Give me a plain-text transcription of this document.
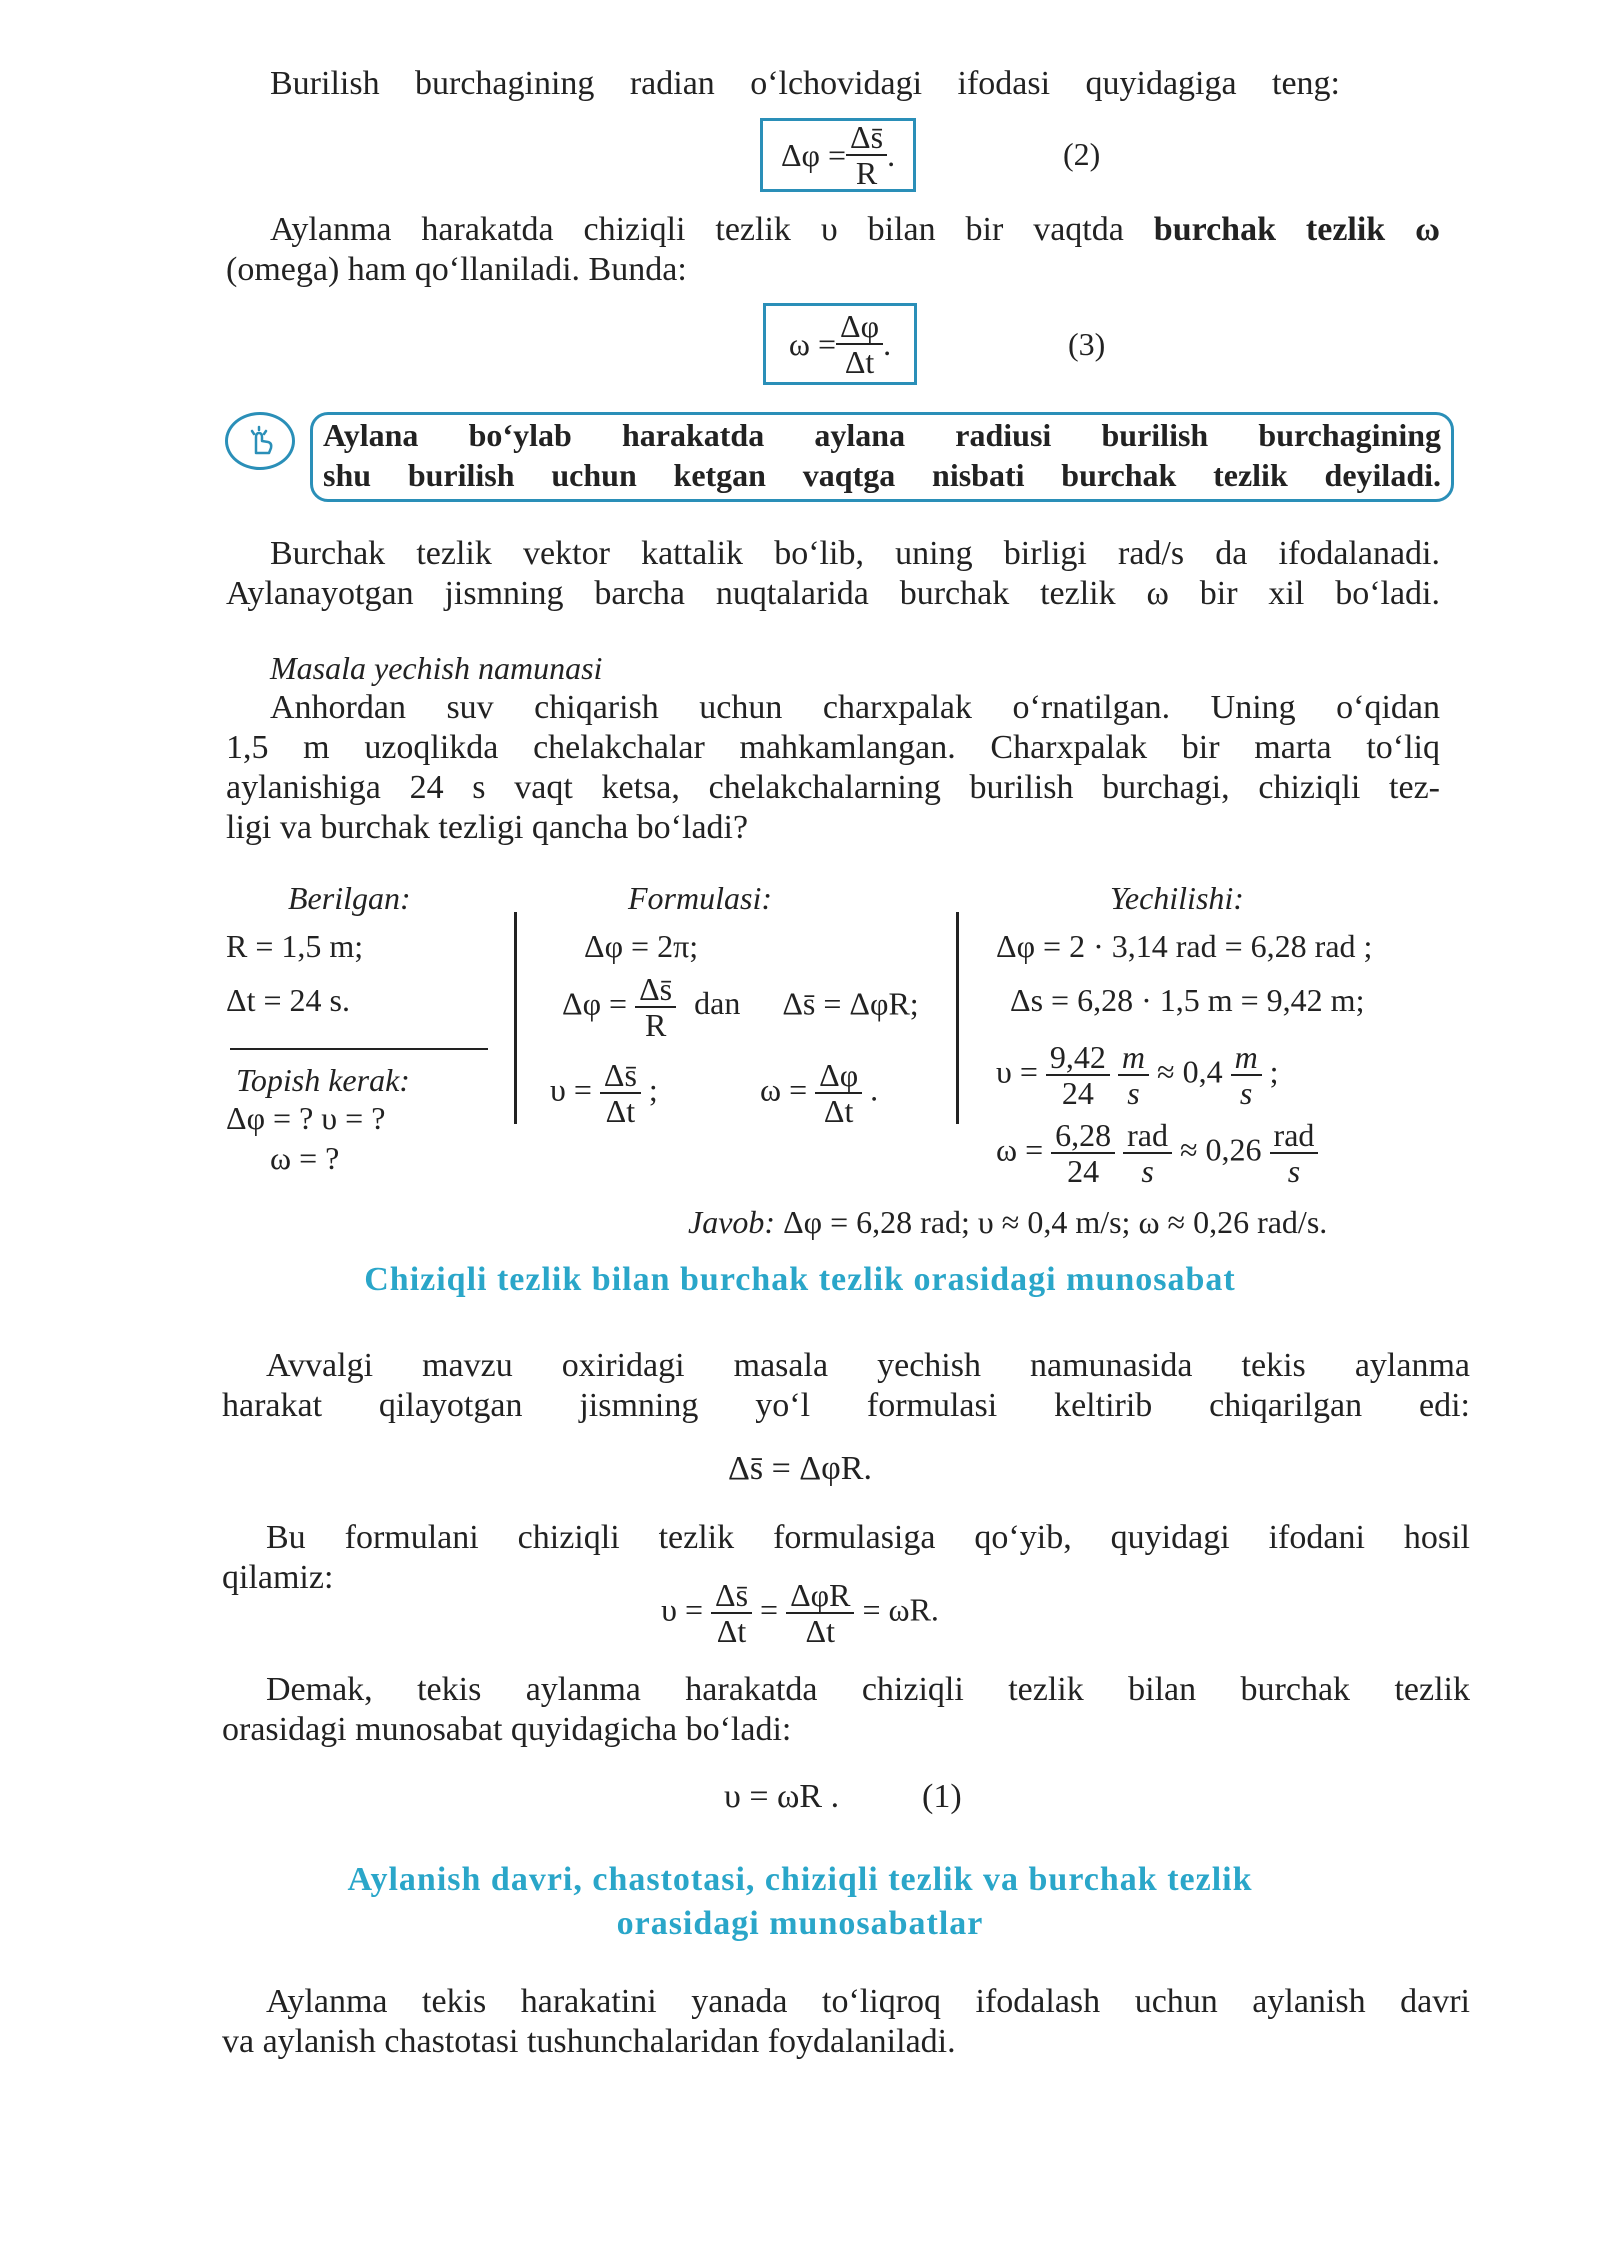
Burilish burchagining radian o‘lchovidagi ifodasi quyidagiga teng:
$\Delta\varphi = \frac{\Delta s̄}{R}$ .	(2)
Aylanma harakatda chiziqli tezlik υ bilan bir vaqtda burchak tezlik ω
(omega) ham qo‘llaniladi. Bunda:
$\omega = \frac{\Delta\varphi}{\Delta t}$ .	(3)
Aylana bo‘ylab harakatda aylana radiusi burilish burchagining
shu burilish uchun ketgan vaqtga nisbati burchak tezlik deyiladi.
Burchak tezlik vektor kattalik bo‘lib, uning birligi rad/s da ifodalanadi.
Aylanayotgan jismning barcha nuqtalarida burchak tezlik ω bir xil bo‘ladi.
Masala yechish namunasi
Anhordan suv chiqarish uchun charxpalak o‘rnatilgan. Uning o‘qidan
1,5 m uzoqlikda chelakchalar mahkamlangan. Charxpalak bir marta to‘liq
aylanishiga 24 s vaqt ketsa, chelakchalarning burilish burchagi, chiziqli tez-
ligi va burchak tezligi qancha bo‘ladi?
Berilgan:
R = 1,5 m;
Δt = 24 s.
Topish kerak:
Δφ = ? υ = ?
ω = ?
Formulasi:
Δφ = 2π;
$\Delta\varphi = \frac{\Delta s̄}{R}$ dan Δs̄ = ΔφR;
$\upsilon = \frac{\Delta s̄}{\Delta t}$ ;	$\omega = \frac{\Delta\varphi}{\Delta t}$ .
Yechilishi:
Δφ = 2 · 3,14 rad = 6,28 rad ;
Δs = 6,28 · 1,5 m = 9,42 m;
$\upsilon = \frac{9,42}{24}$
$\frac{m}{s} \approx 0,4 \frac{m}{s}$ ;
$\omega = \frac{6,28}{24}$
rad
s
≈ 0,26 rad
s
Javob: Δφ = 6,28 rad; υ ≈ 0,4 m/s; ω ≈ 0,26 rad/s.
Chiziqli tezlik bilan burchak tezlik orasidagi munosabat
Avvalgi mavzu oxiridagi masala yechish namunasida tekis aylanma
harakat qilayotgan jismning yo‘l formulasi keltirib chiqarilgan edi:
Δs̄ = ΔφR.
Bu formulani chiziqli tezlik formulasiga qo‘yib, quyidagi ifodani hosil
qilamiz:
$\upsilon = \frac{\Delta s̄}{\Delta t} = \Delta\varphi R$
Δt
= ωR.
Demak, tekis aylanma harakatda chiziqli tezlik bilan burchak tezlik
orasidagi munosabat quyidagicha bo‘ladi:
υ = ωR . (1)
Aylanish davri, chastotasi, chiziqli tezlik va burchak tezlik
orasidagi munosabatlar
Aylanma tekis harakatini yanada to‘liqroq ifodalash uchun aylanish davri
va aylanish chastotasi tushunchalaridan foydalaniladi.
